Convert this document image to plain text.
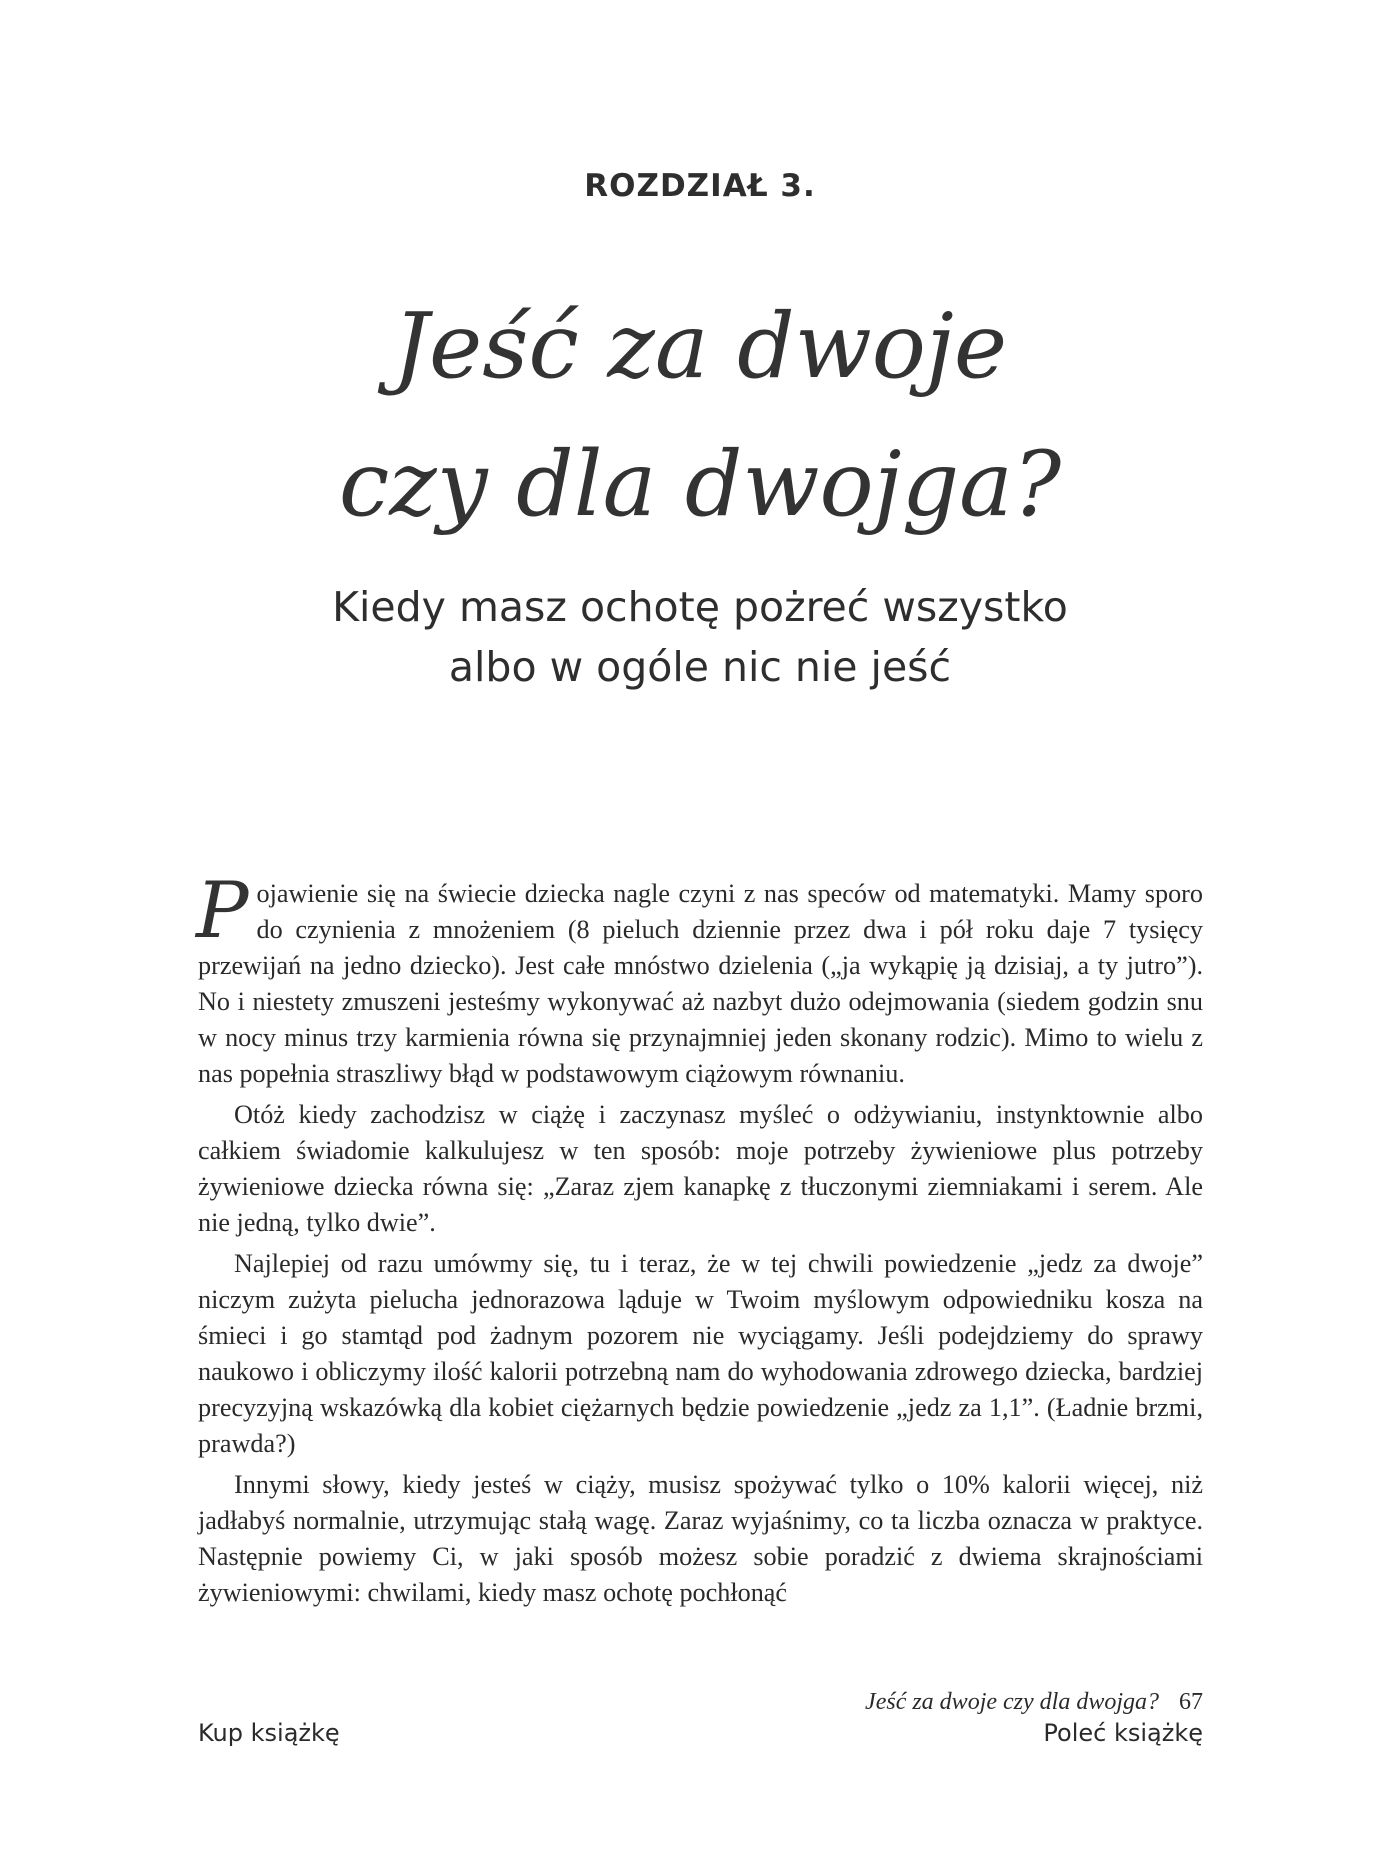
ROZDZIAŁ 3.
Jeść za dwoje
czy dla dwojga?
Kiedy masz ochotę pożreć wszystko
albo w ogóle nic nie jeść

Pojawienie się na świecie dziecka nagle czyni z nas speców od matematyki. Mamy sporo do czynienia z mnożeniem (8 pieluch dziennie przez dwa i pół roku daje 7 tysięcy przewijań na jedno dziecko). Jest całe mnóstwo dzielenia („ja wykąpię ją dzisiaj, a ty jutro”). No i niestety zmuszeni jesteśmy wykonywać aż nazbyt dużo odejmowania (siedem godzin snu w nocy minus trzy karmienia równa się przynajmniej jeden skonany rodzic). Mimo to wielu z nas popełnia straszliwy błąd w podstawowym ciążowym równaniu.

Otóż kiedy zachodzisz w ciążę i zaczynasz myśleć o odżywianiu, instynktownie albo całkiem świadomie kalkulujesz w ten sposób: moje potrzeby żywieniowe plus potrzeby żywieniowe dziecka równa się: „Zaraz zjem kanapkę z tłuczonymi ziemniakami i serem. Ale nie jedną, tylko dwie”.

Najlepiej od razu umówmy się, tu i teraz, że w tej chwili powiedzenie „jedz za dwoje” niczym zużyta pielucha jednorazowa ląduje w Twoim myślowym odpowiedniku kosza na śmieci i go stamtąd pod żadnym pozorem nie wyciągamy. Jeśli podejdziemy do sprawy naukowo i obliczymy ilość kalorii potrzebną nam do wyhodowania zdrowego dziecka, bardziej precyzyjną wskazówką dla kobiet ciężarnych będzie powiedzenie „jedz za 1,1”. (Ładnie brzmi, prawda?)

Innymi słowy, kiedy jesteś w ciąży, musisz spożywać tylko o 10% kalorii więcej, niż jadłabyś normalnie, utrzymując stałą wagę. Zaraz wyjaśnimy, co ta liczba oznacza w praktyce. Następnie powiemy Ci, w jaki sposób możesz sobie poradzić z dwiema skrajnościami żywieniowymi: chwilami, kiedy masz ochotę pochłonąć

Jeść za dwoje czy dla dwojga? 67
Kup książkę	Poleć książkę
